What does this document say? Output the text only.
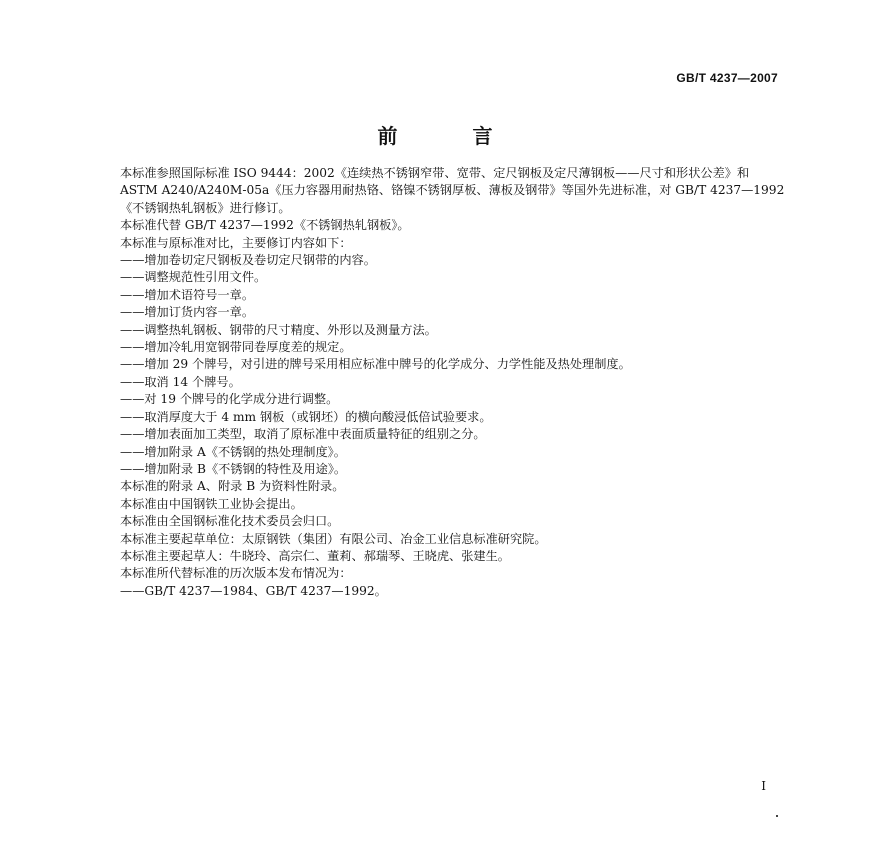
GB/T 4237—2007
前 言

本标准参照国际标准 ISO 9444：2002《连续热不锈钢窄带、宽带、定尺钢板及定尺薄钢板——尺寸和形状公差》和 ASTM A240/A240M-05a《压力容器用耐热铬、铬镍不锈钢厚板、薄板及钢带》等国外先进标准，对 GB/T 4237—1992《不锈钢热轧钢板》进行修订。

本标准代替 GB/T 4237—1992《不锈钢热轧钢板》。

本标准与原标准对比，主要修订内容如下：

——增加卷切定尺钢板及卷切定尺钢带的内容。

——调整规范性引用文件。

——增加术语符号一章。

——增加订货内容一章。

——调整热轧钢板、钢带的尺寸精度、外形以及测量方法。

——增加冷轧用宽钢带同卷厚度差的规定。

——增加 29 个牌号，对引进的牌号采用相应标准中牌号的化学成分、力学性能及热处理制度。

——取消 14 个牌号。

——对 19 个牌号的化学成分进行调整。

——取消厚度大于 4 mm 钢板（或钢坯）的横向酸浸低倍试验要求。

——增加表面加工类型，取消了原标准中表面质量特征的组别之分。

——增加附录 A《不锈钢的热处理制度》。

——增加附录 B《不锈钢的特性及用途》。

本标准的附录 A、附录 B 为资料性附录。

本标准由中国钢铁工业协会提出。

本标准由全国钢标准化技术委员会归口。

本标准主要起草单位：太原钢铁（集团）有限公司、冶金工业信息标准研究院。

本标准主要起草人：牛晓玲、高宗仁、董莉、郝瑞琴、王晓虎、张建生。

本标准所代替标准的历次版本发布情况为：

——GB/T 4237—1984、GB/T 4237—1992。

I
